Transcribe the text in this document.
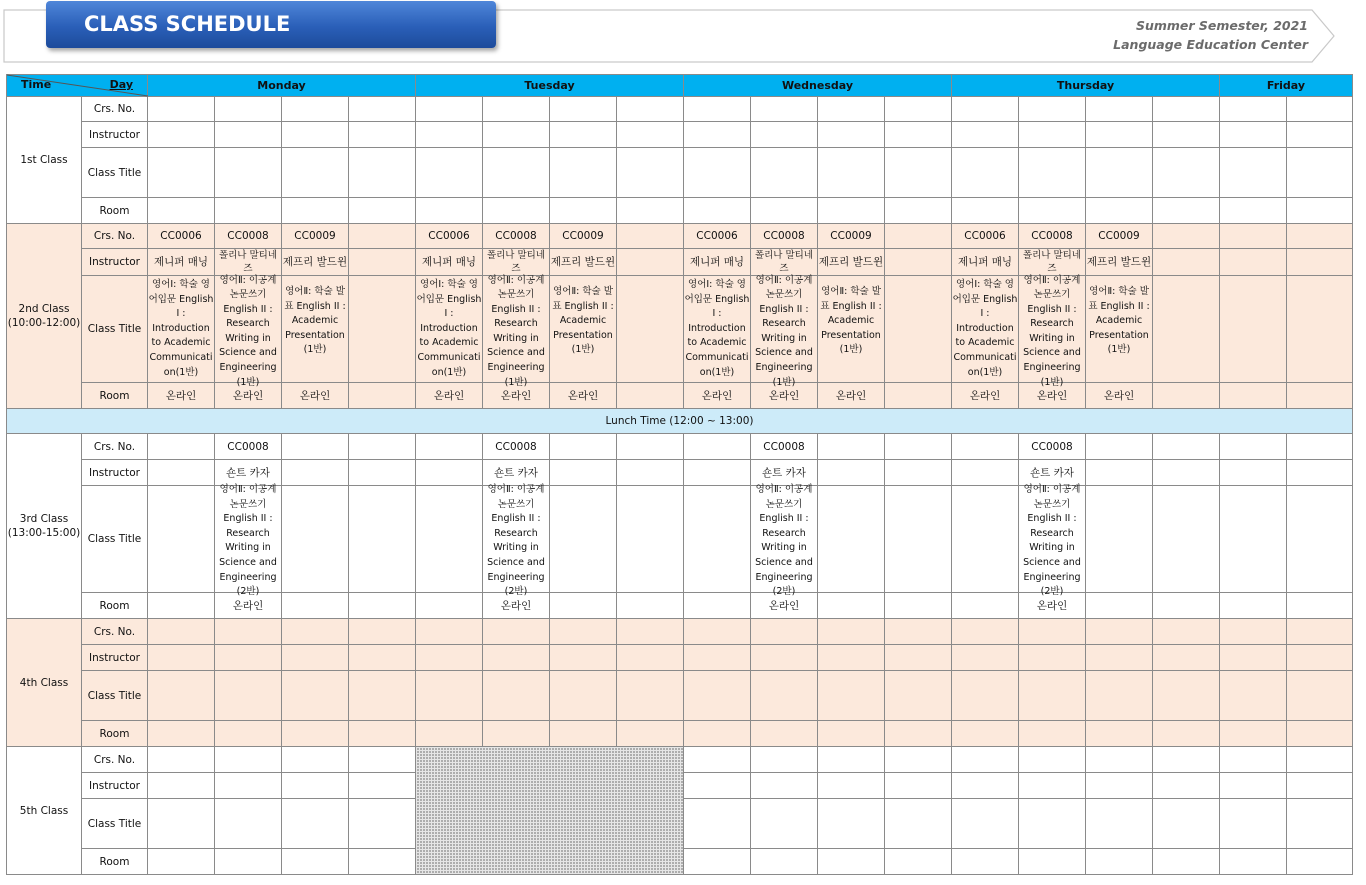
CLASS SCHEDULE	Summer Semester, 2021
Language Education Center
Time Day		Monday				Tuesday				Wednesday				Thursday				Friday	
1st Class	Crs. No.																		
	Instructor																		
	Class Title																		
	Room																		
2nd Class
(10:00-12:00)	Crs. No.	CC0006	CC0008	CC0009		CC0006	CC0008	CC0009		CC0006	CC0008	CC0009		CC0006	CC0008	CC0009			
	Instructor	제니퍼 매닝	폴리나 말티네즈	제프리 발드윈		제니퍼 매닝	폴리나 말티네즈	제프리 발드윈		제니퍼 매닝	폴리나 말티네즈	제프리 발드윈		제니퍼 매닝	폴리나 말티네즈	제프리 발드윈			
	Class Title	영어Ⅰ: 학술 영어입문 English I : Introduction to Academic Communicati on(1반)	영어Ⅱ: 이공계 논문쓰기 English II : Research Writing in Science and Engineering (1반)	영어Ⅱ: 학술 발표 English II : Academic Presentation (1반)		영어Ⅰ: 학술 영어입문 English I : Introduction to Academic Communicati on(1반)	영어Ⅱ: 이공계 논문쓰기 English II : Research Writing in Science and Engineering (1반)	영어Ⅱ: 학술 발표 English II : Academic Presentation (1반)		영어Ⅰ: 학술 영어입문 English I : Introduction to Academic Communicati on(1반)	영어Ⅱ: 이공계 논문쓰기 English II : Research Writing in Science and Engineering (1반)	영어Ⅱ: 학술 발표 English II : Academic Presentation (1반)		영어Ⅰ: 학술 영어입문 English I : Introduction to Academic Communicati on(1반)	영어Ⅱ: 이공계 논문쓰기 English II : Research Writing in Science and Engineering (1반)	영어Ⅱ: 학술 발표 English II : Academic Presentation (1반)			

	Room	온라인	온라인	온라인		온라인	온라인	온라인		온라인	온라인	온라인		온라인	온라인	온라인			
Lunch Time (12:00 ~ 13:00)																			
3rd Class
(13:00-15:00)	Crs. No.		CC0008				CC0008				CC0008				CC0008				
	Instructor		숀트 카자				숀트 카자				숀트 카자				숀트 카자				
	Class Title		영어Ⅱ: 이공계 논문쓰기 English II : Research Writing in Science and Engineering (2반)				영어Ⅱ: 이공계 논문쓰기 English II : Research Writing in Science and Engineering (2반)				영어Ⅱ: 이공계 논문쓰기 English II : Research Writing in Science and Engineering (2반)				영어Ⅱ: 이공계 논문쓰기 English II : Research Writing in Science and Engineering (2반)				

	Room		온라인				온라인				온라인				온라인				
4th Class	Crs. No.																		
	Instructor																		
	Class Title																		
	Room																		
5th Class	Crs. No.																		
	Instructor																		
	Class Title																		
	Room																		
